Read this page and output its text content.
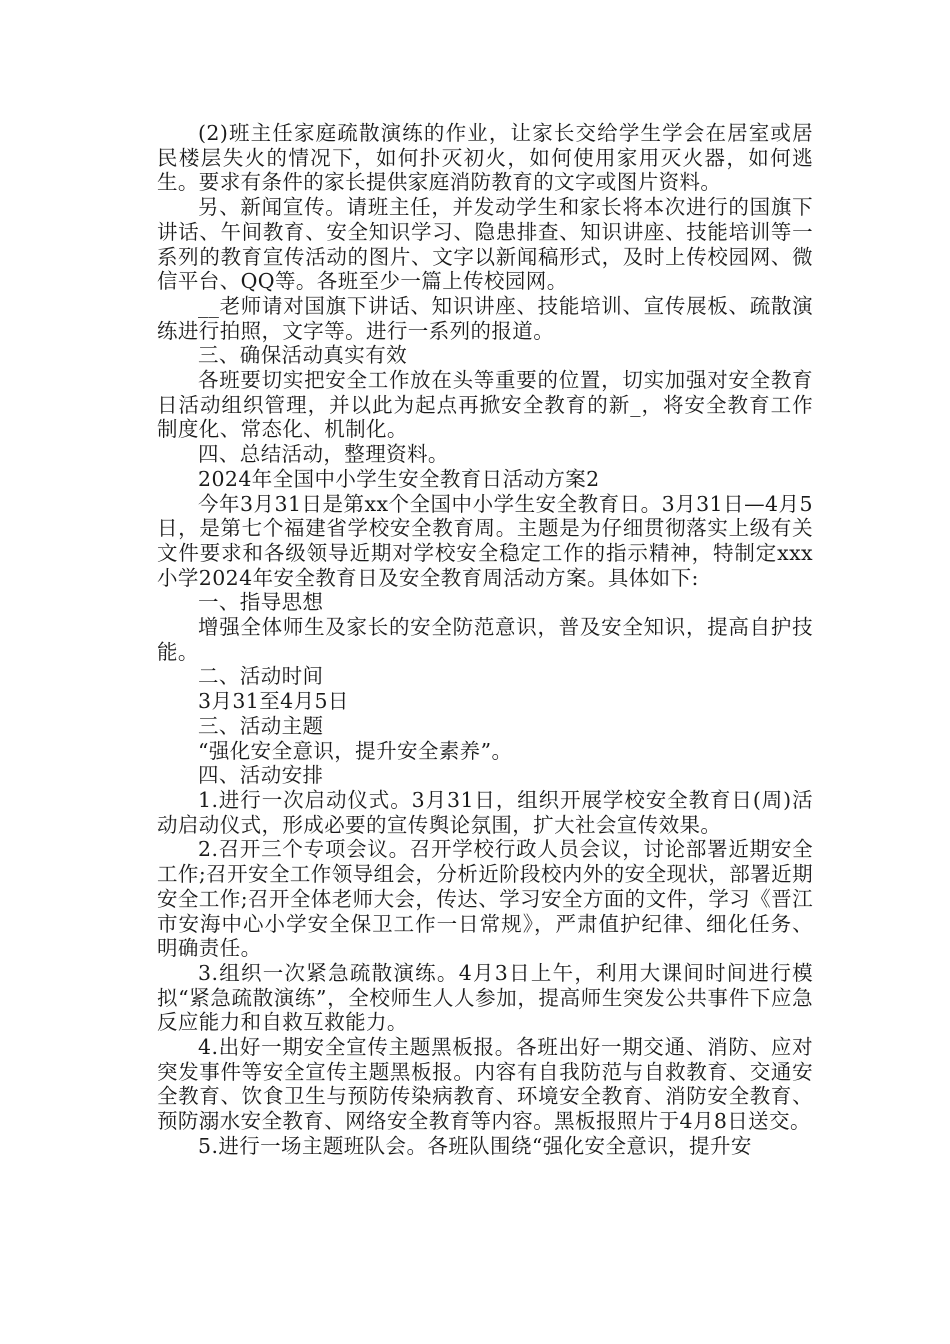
(2)班主任家庭疏散演练的作业，让家长交给学生学会在居室或居民楼层失火的情况下，如何扑灭初火，如何使用家用灭火器，如何逃生。要求有条件的家长提供家庭消防教育的文字或图片资料。

另、新闻宣传。请班主任，并发动学生和家长将本次进行的国旗下讲话、午间教育、安全知识学习、隐患排查、知识讲座、技能培训等一系列的教育宣传活动的图片、文字以新闻稿形式，及时上传校园网、微信平台、QQ等。各班至少一篇上传校园网。

__老师请对国旗下讲话、知识讲座、技能培训、宣传展板、疏散演练进行拍照，文字等。进行一系列的报道。

三、确保活动真实有效

各班要切实把安全工作放在头等重要的位置，切实加强对安全教育日活动组织管理，并以此为起点再掀安全教育的新_，将安全教育工作制度化、常态化、机制化。

四、总结活动，整理资料。

2024年全国中小学生安全教育日活动方案2

今年3月31日是第xx个全国中小学生安全教育日。3月31日—4月5日，是第七个福建省学校安全教育周。主题是为仔细贯彻落实上级有关文件要求和各级领导近期对学校安全稳定工作的指示精神，特制定xxx小学2024年安全教育日及安全教育周活动方案。具体如下:

一、指导思想

增强全体师生及家长的安全防范意识，普及安全知识，提高自护技能。

二、活动时间

3月31至4月5日

三、活动主题

“强化安全意识，提升安全素养”。

四、活动安排

1.进行一次启动仪式。3月31日，组织开展学校安全教育日(周)活动启动仪式，形成必要的宣传舆论氛围，扩大社会宣传效果。

2.召开三个专项会议。召开学校行政人员会议，讨论部署近期安全工作;召开安全工作领导组会，分析近阶段校内外的安全现状，部署近期安全工作;召开全体老师大会，传达、学习安全方面的文件，学习《晋江市安海中心小学安全保卫工作一日常规》，严肃值护纪律、细化任务、明确责任。

3.组织一次紧急疏散演练。4月3日上午，利用大课间时间进行模拟“紧急疏散演练”，全校师生人人参加，提高师生突发公共事件下应急反应能力和自救互救能力。

4.出好一期安全宣传主题黑板报。各班出好一期交通、消防、应对突发事件等安全宣传主题黑板报。内容有自我防范与自救教育、交通安全教育、饮食卫生与预防传染病教育、环境安全教育、消防安全教育、预防溺水安全教育、网络安全教育等内容。黑板报照片于4月8日送交。

5.进行一场主题班队会。各班队围绕“强化安全意识，提升安
